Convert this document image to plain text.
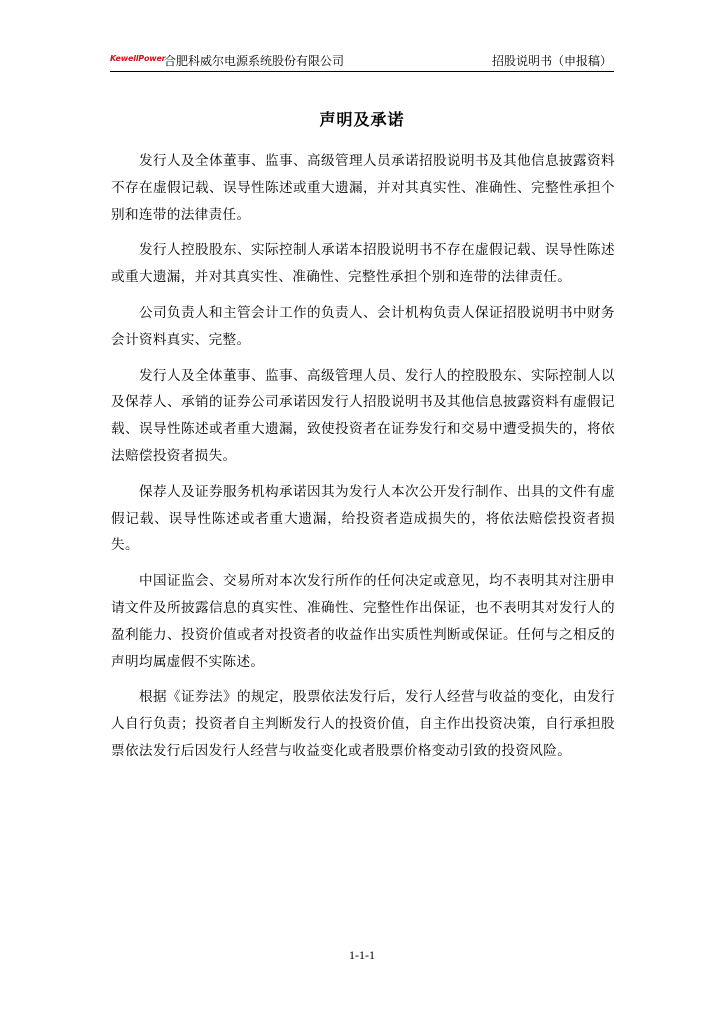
KewellPower
合肥科威尔电源系统股份有限公司	招股说明书（申报稿）
声明及承诺

发行人及全体董事、监事、高级管理人员承诺招股说明书及其他信息披露资料不存在虚假记载、误导性陈述或重大遗漏，并对其真实性、准确性、完整性承担个别和连带的法律责任。

发行人控股股东、实际控制人承诺本招股说明书不存在虚假记载、误导性陈述或重大遗漏，并对其真实性、准确性、完整性承担个别和连带的法律责任。

公司负责人和主管会计工作的负责人、会计机构负责人保证招股说明书中财务会计资料真实、完整。

发行人及全体董事、监事、高级管理人员、发行人的控股股东、实际控制人以及保荐人、承销的证券公司承诺因发行人招股说明书及其他信息披露资料有虚假记载、误导性陈述或者重大遗漏，致使投资者在证券发行和交易中遭受损失的，将依法赔偿投资者损失。

保荐人及证券服务机构承诺因其为发行人本次公开发行制作、出具的文件有虚假记载、误导性陈述或者重大遗漏，给投资者造成损失的，将依法赔偿投资者损失。

中国证监会、交易所对本次发行所作的任何决定或意见，均不表明其对注册申请文件及所披露信息的真实性、准确性、完整性作出保证，也不表明其对发行人的盈利能力、投资价值或者对投资者的收益作出实质性判断或保证。任何与之相反的声明均属虚假不实陈述。

根据《证券法》的规定，股票依法发行后，发行人经营与收益的变化，由发行人自行负责；投资者自主判断发行人的投资价值，自主作出投资决策，自行承担股票依法发行后因发行人经营与收益变化或者股票价格变动引致的投资风险。

1-1-1
